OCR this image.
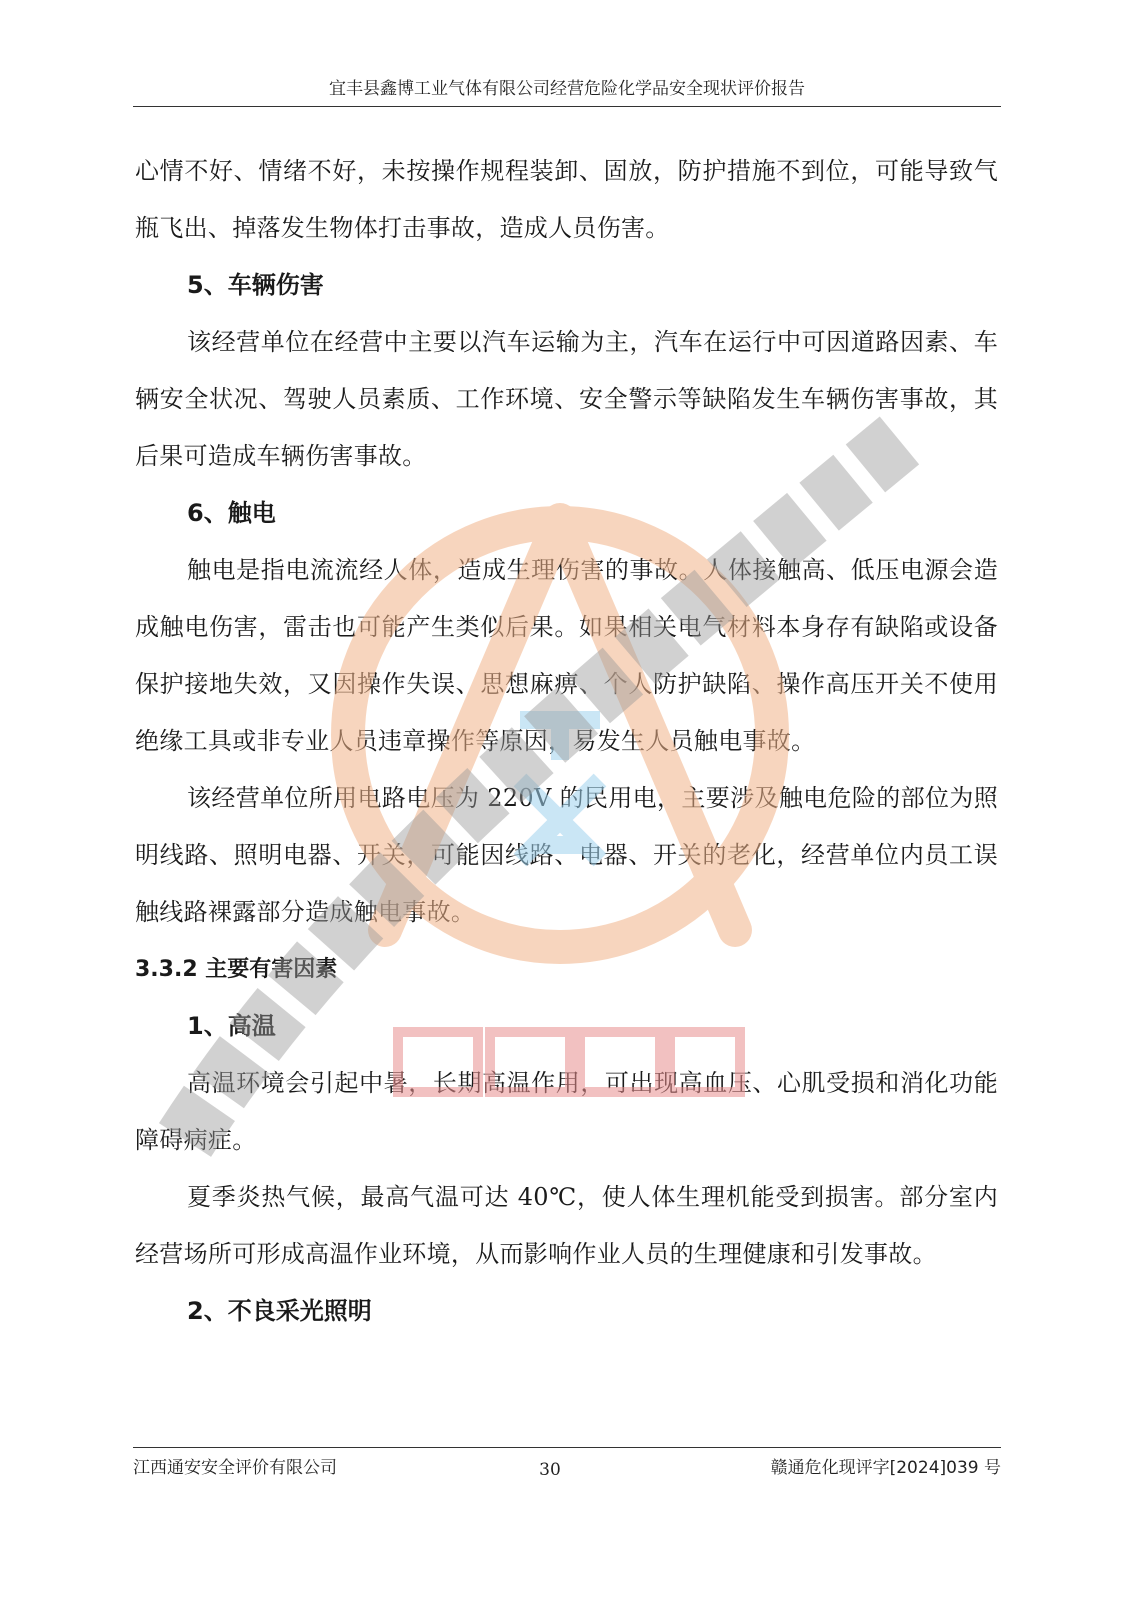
宜丰县鑫博工业气体有限公司经营危险化学品安全现状评价报告

心情不好、情绪不好，未按操作规程装卸、固放，防护措施不到位，可能导致气瓶飞出、掉落发生物体打击事故，造成人员伤害。

5、车辆伤害

该经营单位在经营中主要以汽车运输为主，汽车在运行中可因道路因素、车辆安全状况、驾驶人员素质、工作环境、安全警示等缺陷发生车辆伤害事故，其后果可造成车辆伤害事故。

6、触电

触电是指电流流经人体，造成生理伤害的事故。人体接触高、低压电源会造成触电伤害，雷击也可能产生类似后果。如果相关电气材料本身存有缺陷或设备保护接地失效，又因操作失误、思想麻痹、个人防护缺陷、操作高压开关不使用绝缘工具或非专业人员违章操作等原因，易发生人员触电事故。

该经营单位所用电路电压为 220V 的民用电，主要涉及触电危险的部位为照明线路、照明电器、开关，可能因线路、电器、开关的老化，经营单位内员工误触线路裸露部分造成触电事故。

3.3.2 主要有害因素

1、高温

高温环境会引起中暑，长期高温作用，可出现高血压、心肌受损和消化功能障碍病症。

夏季炎热气候，最高气温可达 40℃，使人体生理机能受到损害。部分室内经营场所可形成高温作业环境，从而影响作业人员的生理健康和引发事故。

2、不良采光照明

江西通安安全评价有限公司	30	赣通危化现评字[2024]039 号
